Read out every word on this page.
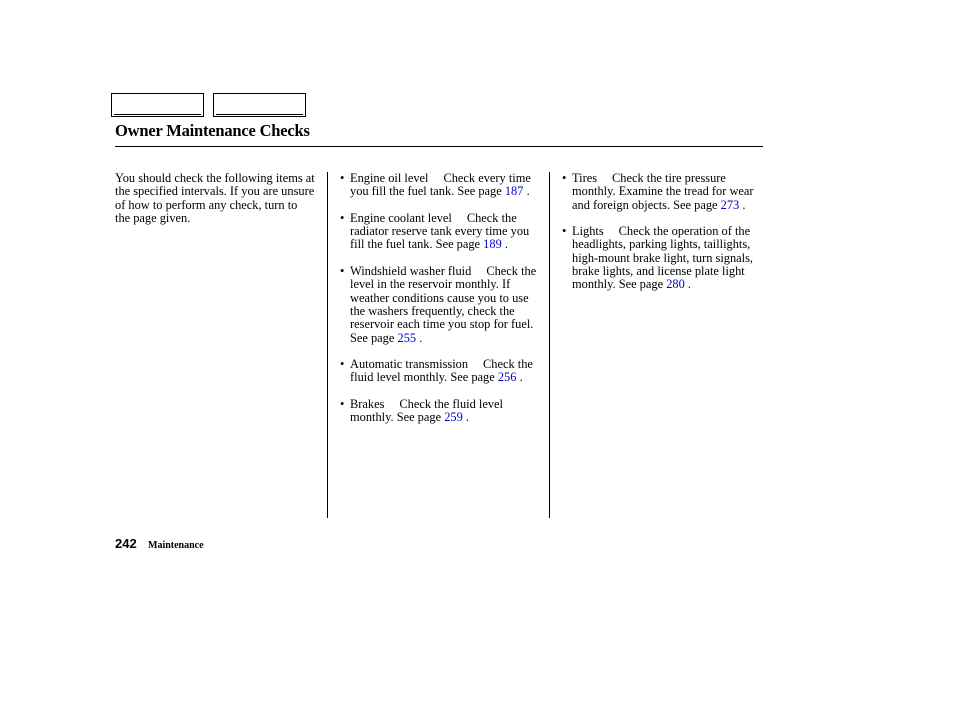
Owner Maintenance Checks
You should check the following items at the specified intervals. If you are unsure of how to perform any check, turn to the page given.
• Engine oil level Check every time you fill the fuel tank. See page 187 .
• Engine coolant level Check the radiator reserve tank every time you fill the fuel tank. See page 189 .
• Windshield washer fluid Check the level in the reservoir monthly. If weather conditions cause you to use the washers frequently, check the reservoir each time you stop for fuel. See page 255 .
• Automatic transmission Check the fluid level monthly. See page 256 .
• Brakes Check the fluid level monthly. See page 259 .
• Tires Check the tire pressure monthly. Examine the tread for wear and foreign objects. See page 273 .
• Lights Check the operation of the headlights, parking lights, taillights, high-mount brake light, turn signals, brake lights, and license plate light monthly. See page 280 .
242 Maintenance
